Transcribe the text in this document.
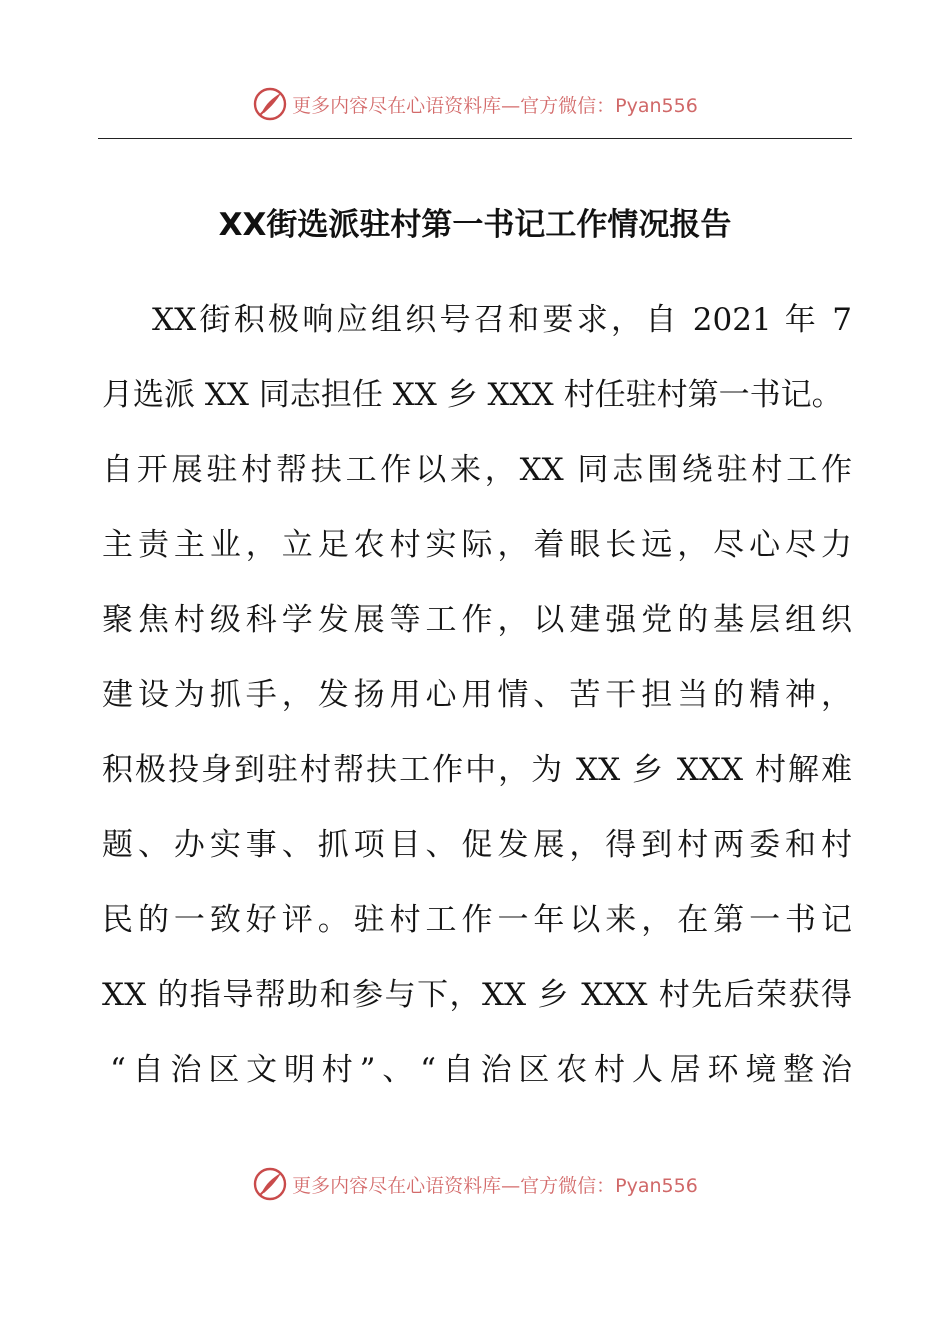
更多内容尽在心语资料库—官方微信：Pyan556
XX街选派驻村第一书记工作情况报告
XX街积极响应组织号召和要求，自 2021 年 7
月选派 XX 同志担任 XX 乡 XXX 村任驻村第一书记。
自开展驻村帮扶工作以来，XX 同志围绕驻村工作
主责主业，立足农村实际，着眼长远，尽心尽力
聚焦村级科学发展等工作，以建强党的基层组织
建设为抓手，发扬用心用情、苦干担当的精神，
积极投身到驻村帮扶工作中，为 XX 乡 XXX 村解难
题、办实事、抓项目、促发展，得到村两委和村
民的一致好评。驻村工作一年以来，在第一书记
XX 的指导帮助和参与下，XX 乡 XXX 村先后荣获得
“自治区文明村”、“自治区农村人居环境整治
更多内容尽在心语资料库—官方微信：Pyan556
